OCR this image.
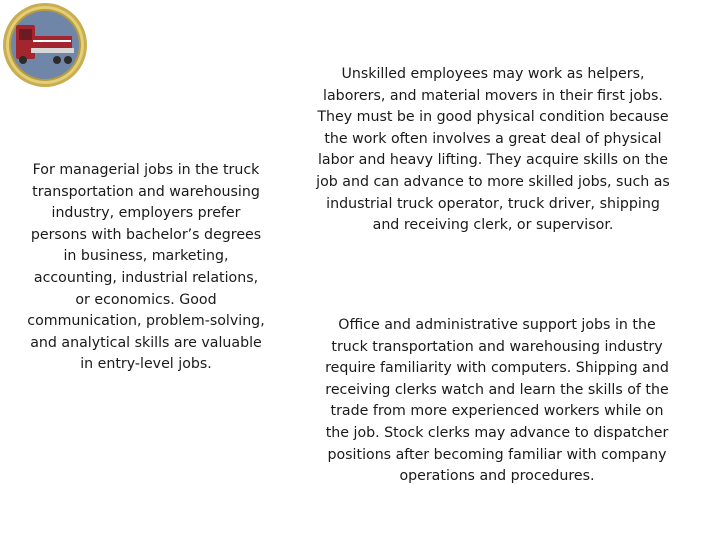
For managerial jobs in the truck transportation and warehousing industry, employers prefer persons with bachelor’s degrees in business, marketing, accounting, industrial relations, or economics. Good communication, problem-solving, and analytical skills are valuable in entry-level jobs.

Unskilled employees may work as helpers, laborers, and material movers in their first jobs. They must be in good physical condition because the work often involves a great deal of physical labor and heavy lifting. They acquire skills on the job and can advance to more skilled jobs, such as industrial truck operator, truck driver, shipping and receiving clerk, or supervisor.

Office and administrative support jobs in the truck transportation and warehousing industry require familiarity with computers. Shipping and receiving clerks watch and learn the skills of the trade from more experienced workers while on the job. Stock clerks may advance to dispatcher positions after becoming familiar with company operations and procedures.
